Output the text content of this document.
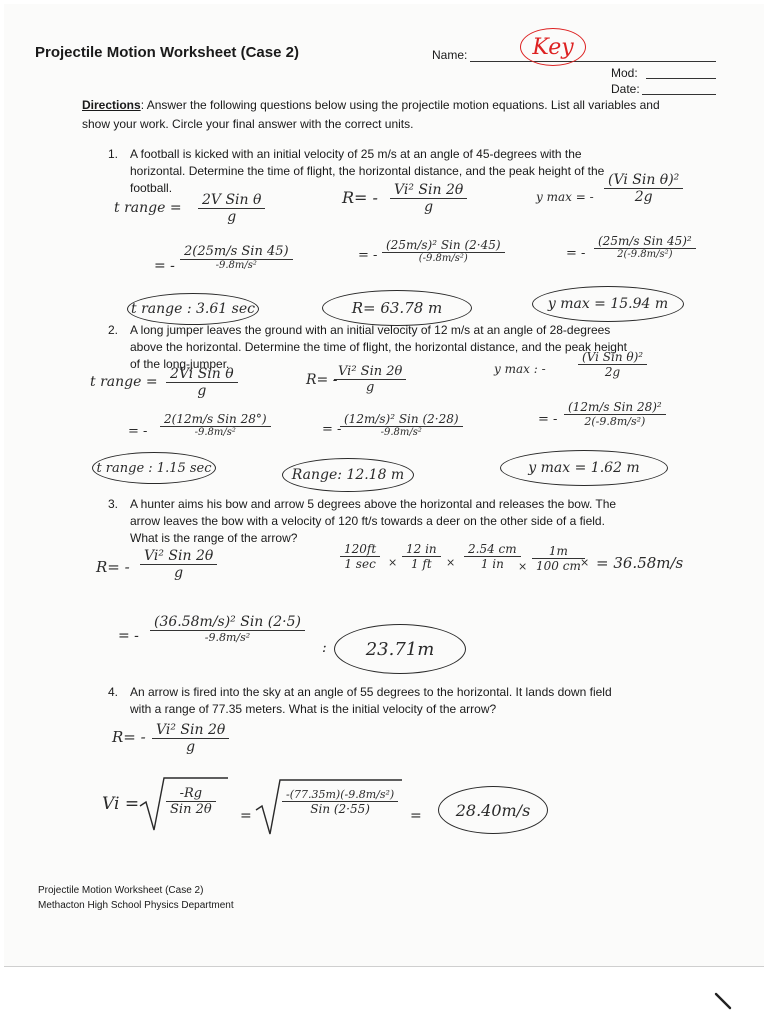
Projectile Motion Worksheet (Case 2)	Name:	Key
Mod:
Date:
Directions: Answer the following questions below using the projectile motion equations. List all variables and show your work. Circle your final answer with the correct units.
1. A football is kicked with an initial velocity of 25 m/s at an angle of 45-degrees with the horizontal. Determine the time of flight, the horizontal distance, and the peak height of the football.
t range = 2V Sin θ
g
= -
2(25m/s Sin 45)
-9.8m/s²
t range : 3.61 sec
R= - Vi² Sin 2θ
g
= -
(25m/s)² Sin (2·45)
(-9.8m/s²)
R= 63.78 m
y max = -
(Vi Sin θ)²
2g
= -
(25m/s Sin 45)²
2(-9.8m/s²)
y max = 15.94 m
2. A long jumper leaves the ground with an initial velocity of 12 m/s at an angle of 28-degrees above the horizontal. Determine the time of flight, the horizontal distance, and the peak height of the long-jumper.
t range = 2Vi Sin θ
g
= -
2(12m/s Sin 28°)
-9.8m/s²
t range : 1.15 sec
R= -
Vi² Sin 2θ
g
= -
(12m/s)² Sin (2·28)
-9.8m/s²
Range: 12.18 m
y max : -
(Vi Sin θ)²
2g
= -
(12m/s Sin 28)²
2(-9.8m/s²)
y max = 1.62 m
3. A hunter aims his bow and arrow 5 degrees above the horizontal and releases the bow. The arrow leaves the bow with a velocity of 120 ft/s towards a deer on the other side of a field. What is the range of the arrow?
R= -
Vi² Sin 2θ
g
120ft
1 sec	× $\frac{12 in}{1 ft} \times \frac{2.54 cm}{1 in}$
× $\frac{1m}{100 cm}$
× = 36.58m/s
= -
(36.58m/s)² Sin (2·5)
-9.8m/s²
:	23.71m
4. An arrow is fired into the sky at an angle of 55 degrees to the horizontal. It lands down field with a range of 77.35 meters. What is the initial velocity of the arrow?
R= - Vi² Sin 2θ
g
Vi =
-Rg
Sin 2θ =
-(77.35m)(-9.8m/s²)
Sin (2·55)	=	28.40m/s
Projectile Motion Worksheet (Case 2)
Methacton High School Physics Department
